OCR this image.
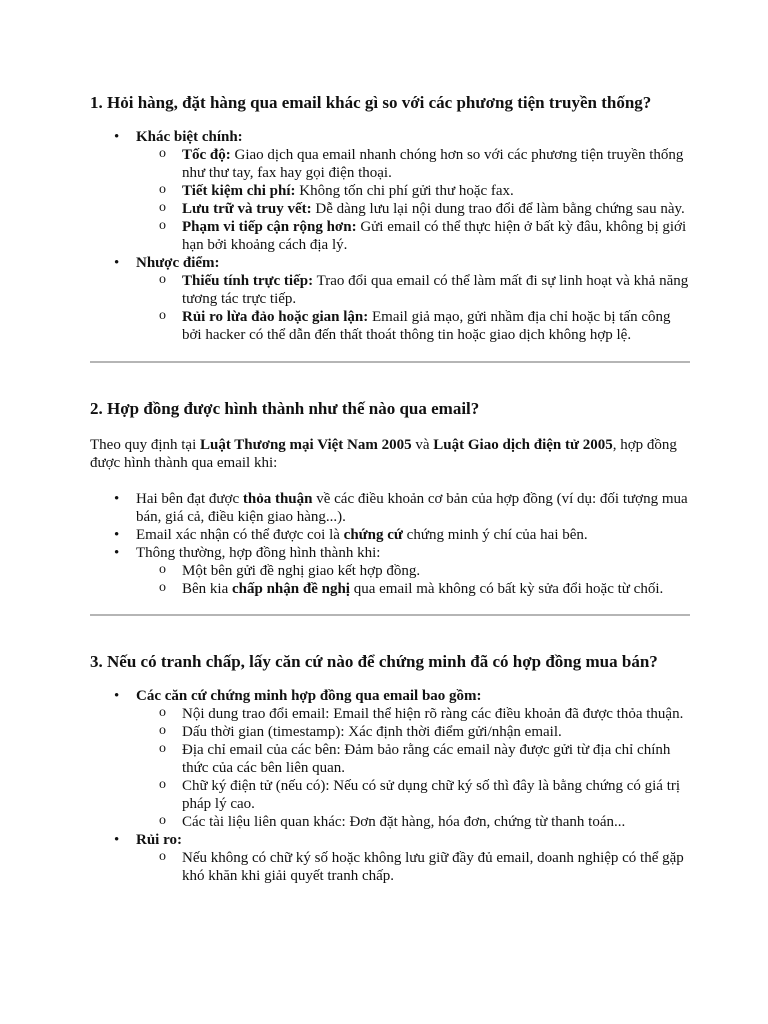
1. Hỏi hàng, đặt hàng qua email khác gì so với các phương tiện truyền thống?
• Khác biệt chính:
o Tốc độ: Giao dịch qua email nhanh chóng hơn so với các phương tiện truyền thống như thư tay, fax hay gọi điện thoại.
o Tiết kiệm chi phí: Không tốn chi phí gửi thư hoặc fax.
o Lưu trữ và truy vết: Dễ dàng lưu lại nội dung trao đổi để làm bằng chứng sau này.
o Phạm vi tiếp cận rộng hơn: Gửi email có thể thực hiện ở bất kỳ đâu, không bị giới hạn bởi khoảng cách địa lý.
• Nhược điểm:
o Thiếu tính trực tiếp: Trao đổi qua email có thể làm mất đi sự linh hoạt và khả năng tương tác trực tiếp.
o Rủi ro lừa đảo hoặc gian lận: Email giả mạo, gửi nhầm địa chỉ hoặc bị tấn công bởi hacker có thể dẫn đến thất thoát thông tin hoặc giao dịch không hợp lệ.
2. Hợp đồng được hình thành như thế nào qua email?

Theo quy định tại Luật Thương mại Việt Nam 2005 và Luật Giao dịch điện tử 2005, hợp đồng được hình thành qua email khi:

• Hai bên đạt được thỏa thuận về các điều khoản cơ bản của hợp đồng (ví dụ: đối tượng mua bán, giá cả, điều kiện giao hàng...).
• Email xác nhận có thể được coi là chứng cứ chứng minh ý chí của hai bên.
• Thông thường, hợp đồng hình thành khi:
o Một bên gửi đề nghị giao kết hợp đồng.
o Bên kia chấp nhận đề nghị qua email mà không có bất kỳ sửa đổi hoặc từ chối.
3. Nếu có tranh chấp, lấy căn cứ nào để chứng minh đã có hợp đồng mua bán?
• Các căn cứ chứng minh hợp đồng qua email bao gồm:
o Nội dung trao đổi email: Email thể hiện rõ ràng các điều khoản đã được thỏa thuận.
o Dấu thời gian (timestamp): Xác định thời điểm gửi/nhận email.
o Địa chỉ email của các bên: Đảm bảo rằng các email này được gửi từ địa chỉ chính thức của các bên liên quan.
o Chữ ký điện tử (nếu có): Nếu có sử dụng chữ ký số thì đây là bằng chứng có giá trị pháp lý cao.
o Các tài liệu liên quan khác: Đơn đặt hàng, hóa đơn, chứng từ thanh toán...
• Rủi ro:
o Nếu không có chữ ký số hoặc không lưu giữ đầy đủ email, doanh nghiệp có thể gặp khó khăn khi giải quyết tranh chấp.
